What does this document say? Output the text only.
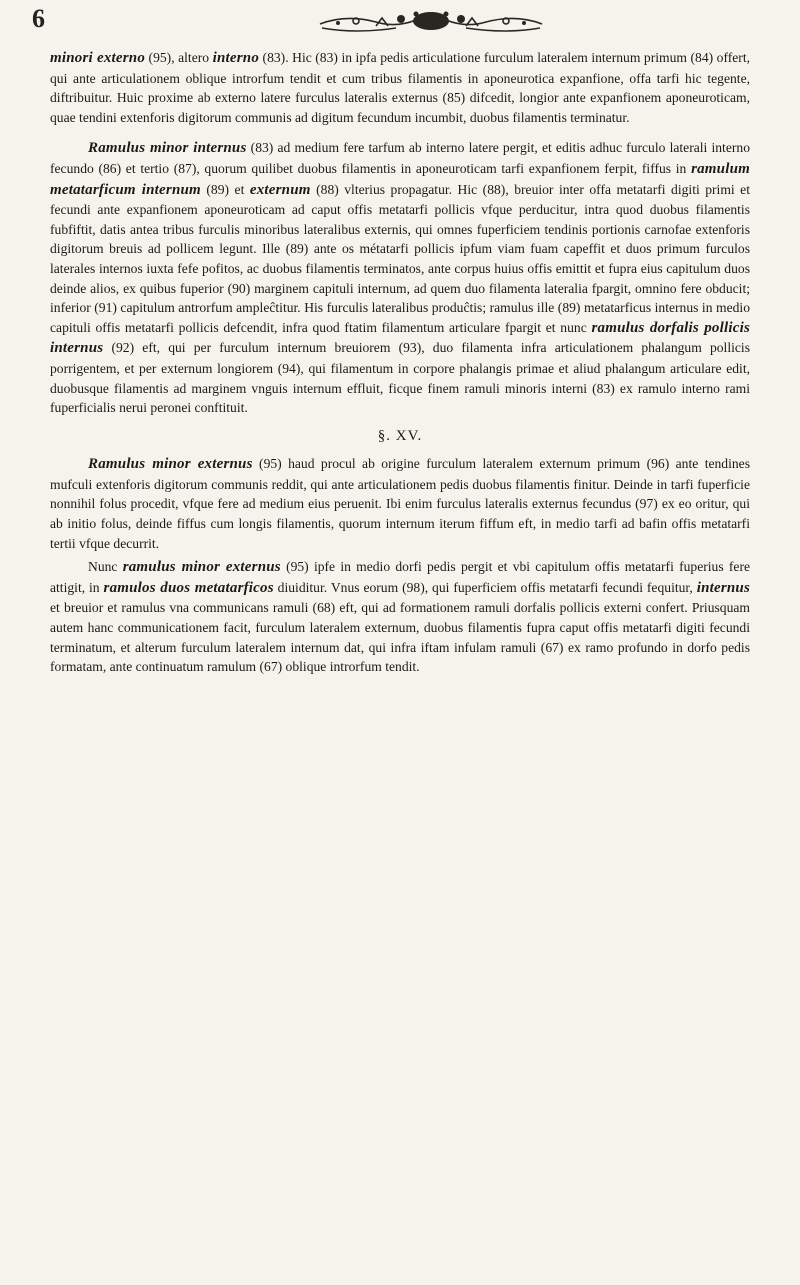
6

minori externo (95), altero interno (83). Hic (83) in ipfa pedis articulatione furculum lateralem internum primum (84) offert, qui ante articulationem oblique introrfum tendit et cum tribus filamentis in aponeurotica expanfione, offa tarfi hic tegente, diftribuitur. Huic proxime ab externo latere furculus lateralis externus (85) difcedit, longior ante expanfionem aponeuroticam, quae tendini extenforis digitorum communis ad digitum fecundum incumbit, duobus filamentis terminatur.

Ramulus minor internus (83) ad medium fere tarfum ab interno latere pergit, et editis adhuc furculo laterali interno fecundo (86) et tertio (87), quorum quilibet duobus filamentis in aponeuroticam tarfi expanfionem ferpit, fiffus in ramulum metatarficum internum (89) et externum (88) vlterius propagatur. Hic (88), breuior inter offa metatarfi digiti primi et fecundi ante expanfionem aponeuroticam ad caput offis metatarfi pollicis vfque perducitur, intra quod duobus filamentis fubfiftit, datis antea tribus furculis minoribus lateralibus externis, qui omnes fuperficiem tendinis portionis carnofae extenforis digitorum breuis ad pollicem legunt. Ille (89) ante os métatarfi pollicis ipfum viam fuam capeffit et duos primum furculos laterales internos iuxta fefe pofitos, ac duobus filamentis terminatos, ante corpus huius offis emittit et fupra eius capitulum duos deinde alios, ex quibus fuperior (90) marginem capituli internum, ad quem duo filamenta lateralia fpargit, omnino fere obducit; inferior (91) capitulum antrorfum ampleĉtitur. His furculis lateralibus produĉtis; ramulus ille (89) metatarficus internus in medio capituli offis metatarfi pollicis defcendit, infra quod ftatim filamentum articulare fpargit et nunc ramulus dorfalis pollicis internus (92) eft, qui per furculum internum breuiorem (93), duo filamenta infra articulationem phalangum pollicis porrigentem, et per externum longiorem (94), qui filamentum in corpore phalangis primae et aliud phalangum articulare edit, duobusque filamentis ad marginem vnguis internum effluit, ficque finem ramuli minoris interni (83) ex ramulo interno rami fuperficialis nerui peronei conftituit.

§. XV.

Ramulus minor externus (95) haud procul ab origine furculum lateralem externum primum (96) ante tendines mufculi extenforis digitorum communis reddit, qui ante articulationem pedis duobus filamentis finitur. Deinde in tarfi fuperficie nonnihil folus procedit, vfque fere ad medium eius peruenit. Ibi enim furculus lateralis externus fecundus (97) ex eo oritur, qui ab initio folus, deinde fiffus cum longis filamentis, quorum internum iterum fiffum eft, in medio tarfi ad bafin offis metatarfi tertii vfque decurrit.

Nunc ramulus minor externus (95) ipfe in medio dorfi pedis pergit et vbi capitulum offis metatarfi fuperius fere attigit, in ramulos duos metatarficos diuiditur. Vnus eorum (98), qui fuperficiem offis metatarfi fecundi fequitur, internus et breuior et ramulus vna communicans ramuli (68) eft, qui ad formationem ramuli dorfalis pollicis externi confert. Priusquam autem hanc communicationem facit, furculum lateralem externum, duobus filamentis fupra caput offis metatarfi digiti fecundi terminatum, et alterum furculum lateralem internum dat, qui infra iftam infulam ramuli (67) ex ramo profundo in dorfo pedis formatam, ante continuatum ramulum (67) oblique introrfum tendit.
